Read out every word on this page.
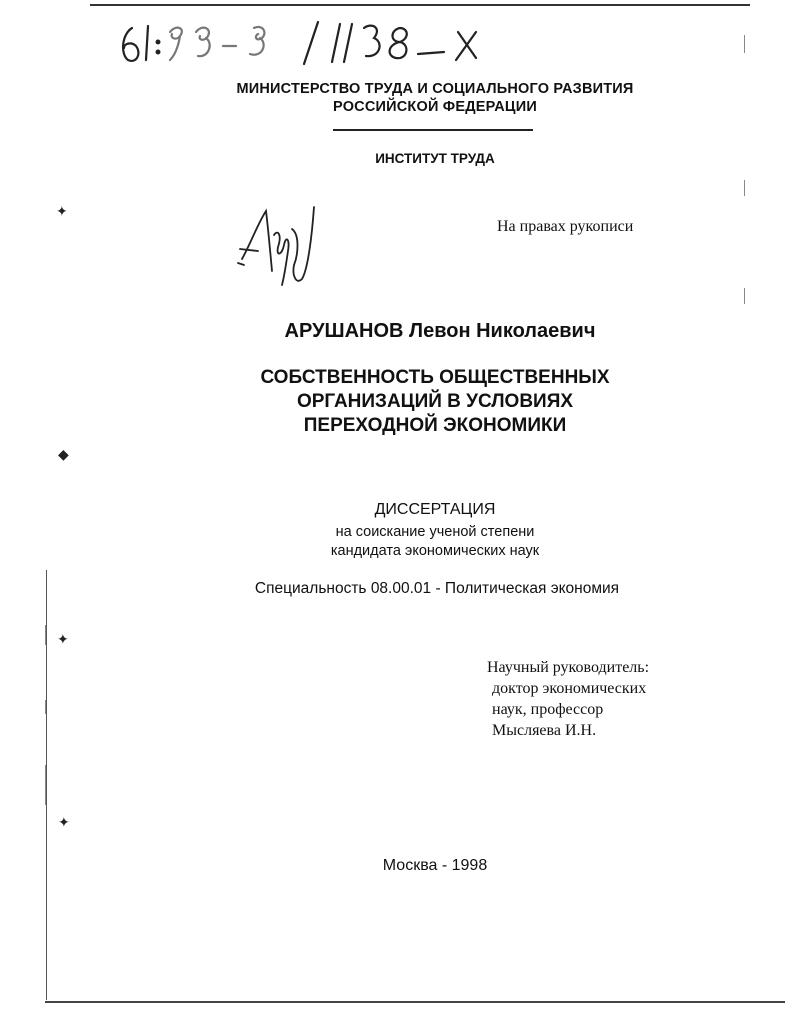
✦
◆
✦
✦
МИНИСТЕРСТВО ТРУДА И СОЦИАЛЬНОГО РАЗВИТИЯ
РОССИЙСКОЙ ФЕДЕРАЦИИ
ИНСТИТУТ ТРУДА
На правах рукописи
АРУШАНОВ Левон Николаевич
СОБСТВЕННОСТЬ ОБЩЕСТВЕННЫХ
ОРГАНИЗАЦИЙ В УСЛОВИЯХ
ПЕРЕХОДНОЙ ЭКОНОМИКИ
ДИССЕРТАЦИЯ
на соискание ученой степени
кандидата экономических наук
Специальность 08.00.01 - Политическая экономия
Научный руководитель:
доктор экономических
наук, профессор
Мысляева И.Н.
Москва - 1998
